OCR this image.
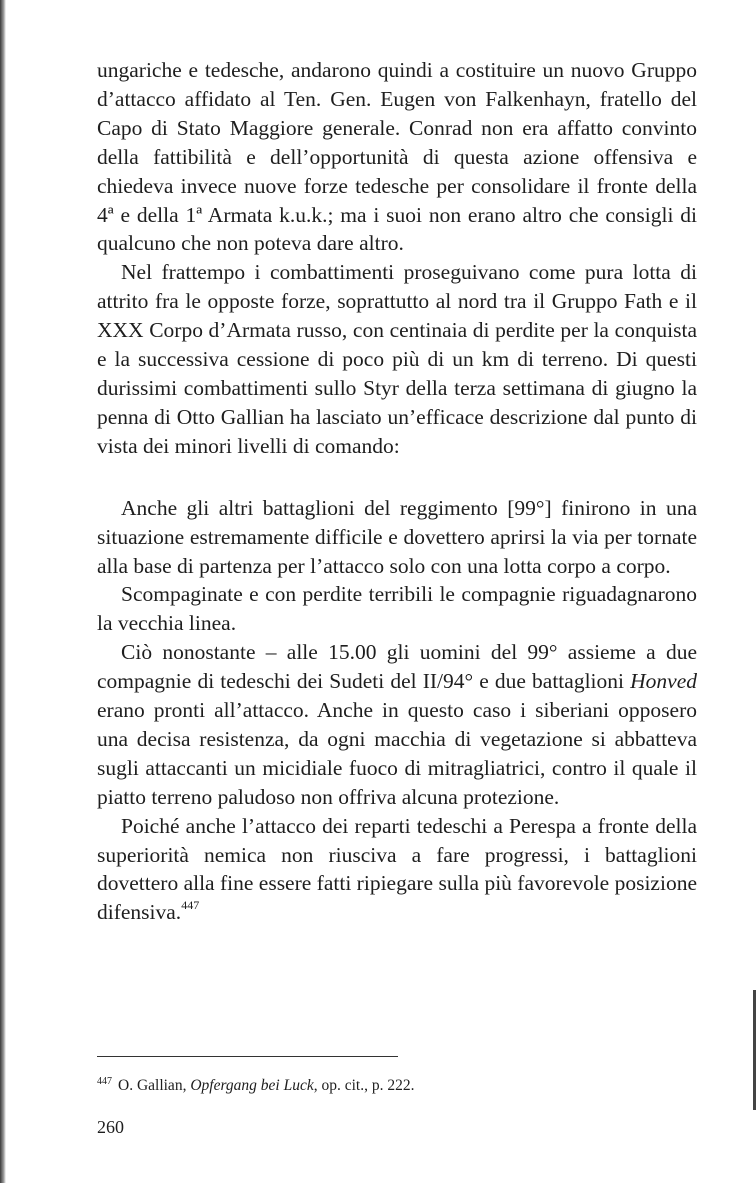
ungariche e tedesche, andarono quindi a costituire un nuovo Gruppo d’attacco affidato al Ten. Gen. Eugen von Falkenhayn, fratello del Capo di Stato Maggiore generale. Conrad non era affatto convinto della fattibilità e dell’opportunità di questa azione offensiva e chiedeva invece nuove forze tedesche per consolidare il fronte della 4ª e della 1ª Armata k.u.k.; ma i suoi non erano altro che consigli di qualcuno che non poteva dare altro.

Nel frattempo i combattimenti proseguivano come pura lotta di attrito fra le opposte forze, soprattutto al nord tra il Gruppo Fath e il XXX Corpo d’Armata russo, con centinaia di perdite per la conquista e la successiva cessione di poco più di un km di terreno. Di questi durissimi combattimenti sullo Styr della terza settimana di giugno la penna di Otto Gallian ha lasciato un’efficace descrizione dal punto di vista dei minori livelli di comando:

Anche gli altri battaglioni del reggimento [99°] finirono in una situazione estremamente difficile e dovettero aprirsi la via per tornate alla base di partenza per l’attacco solo con una lotta corpo a corpo.

Scompaginate e con perdite terribili le compagnie riguadagnarono la vecchia linea.

Ciò nonostante – alle 15.00 gli uomini del 99° assieme a due compagnie di tedeschi dei Sudeti del II/94° e due battaglioni Honved erano pronti all’attacco. Anche in questo caso i siberiani opposero una decisa resistenza, da ogni macchia di vegetazione si abbatteva sugli attaccanti un micidiale fuoco di mitragliatrici, contro il quale il piatto terreno paludoso non offriva alcuna protezione.

Poiché anche l’attacco dei reparti tedeschi a Perespa a fronte della superiorità nemica non riusciva a fare progressi, i battaglioni dovettero alla fine essere fatti ripiegare sulla più favorevole posizione difensiva.$^{447}$

$^{447}$ O. Gallian, Opfergang bei Luck, op. cit., p. 222.
260
